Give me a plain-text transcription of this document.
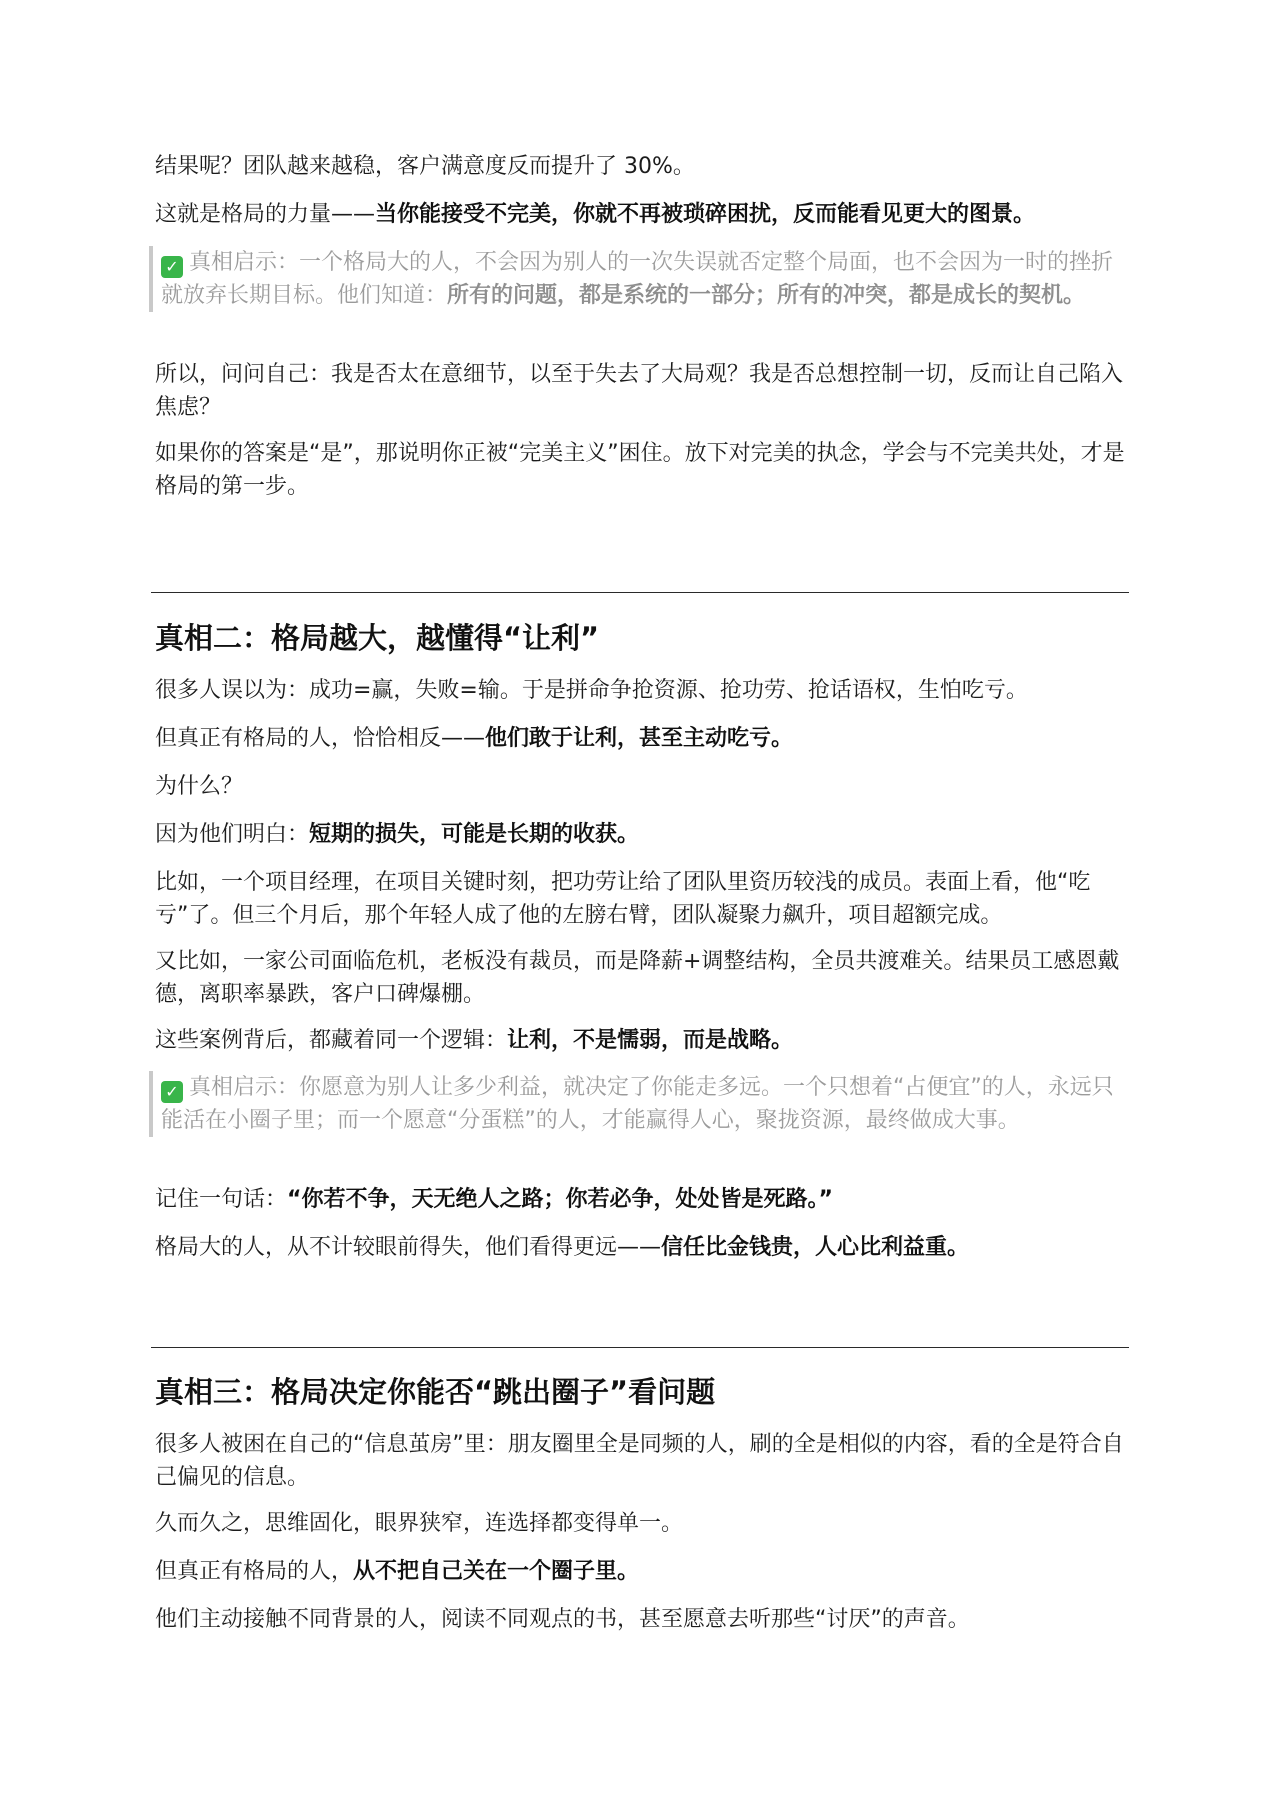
结果呢？团队越来越稳，客户满意度反而提升了 30%。

这就是格局的力量——当你能接受不完美，你就不再被琐碎困扰，反而能看见更大的图景。

✓ 真相启示：一个格局大的人，不会因为别人的一次失误就否定整个局面，也不会因为一时的挫折就放弃长期目标。他们知道：所有的问题，都是系统的一部分；所有的冲突，都是成长的契机。

所以，问问自己：我是否太在意细节，以至于失去了大局观？我是否总想控制一切，反而让自己陷入焦虑？

如果你的答案是“是”，那说明你正被“完美主义”困住。放下对完美的执念，学会与不完美共处，才是格局的第一步。

真相二：格局越大，越懂得“让利”

很多人误以为：成功=赢，失败=输。于是拼命争抢资源、抢功劳、抢话语权，生怕吃亏。

但真正有格局的人，恰恰相反——他们敢于让利，甚至主动吃亏。

为什么？

因为他们明白：短期的损失，可能是长期的收获。

比如，一个项目经理，在项目关键时刻，把功劳让给了团队里资历较浅的成员。表面上看，他“吃亏”了。但三个月后，那个年轻人成了他的左膀右臂，团队凝聚力飙升，项目超额完成。

又比如，一家公司面临危机，老板没有裁员，而是降薪+调整结构，全员共渡难关。结果员工感恩戴德，离职率暴跌，客户口碑爆棚。

这些案例背后，都藏着同一个逻辑：让利，不是懦弱，而是战略。

✓ 真相启示：你愿意为别人让多少利益，就决定了你能走多远。一个只想着“占便宜”的人，永远只能活在小圈子里；而一个愿意“分蛋糕”的人，才能赢得人心，聚拢资源，最终做成大事。

记住一句话：“你若不争，天无绝人之路；你若必争，处处皆是死路。”

格局大的人，从不计较眼前得失，他们看得更远——信任比金钱贵，人心比利益重。

真相三：格局决定你能否“跳出圈子”看问题

很多人被困在自己的“信息茧房”里：朋友圈里全是同频的人，刷的全是相似的内容，看的全是符合自己偏见的信息。

久而久之，思维固化，眼界狭窄，连选择都变得单一。

但真正有格局的人，从不把自己关在一个圈子里。

他们主动接触不同背景的人，阅读不同观点的书，甚至愿意去听那些“讨厌”的声音。
